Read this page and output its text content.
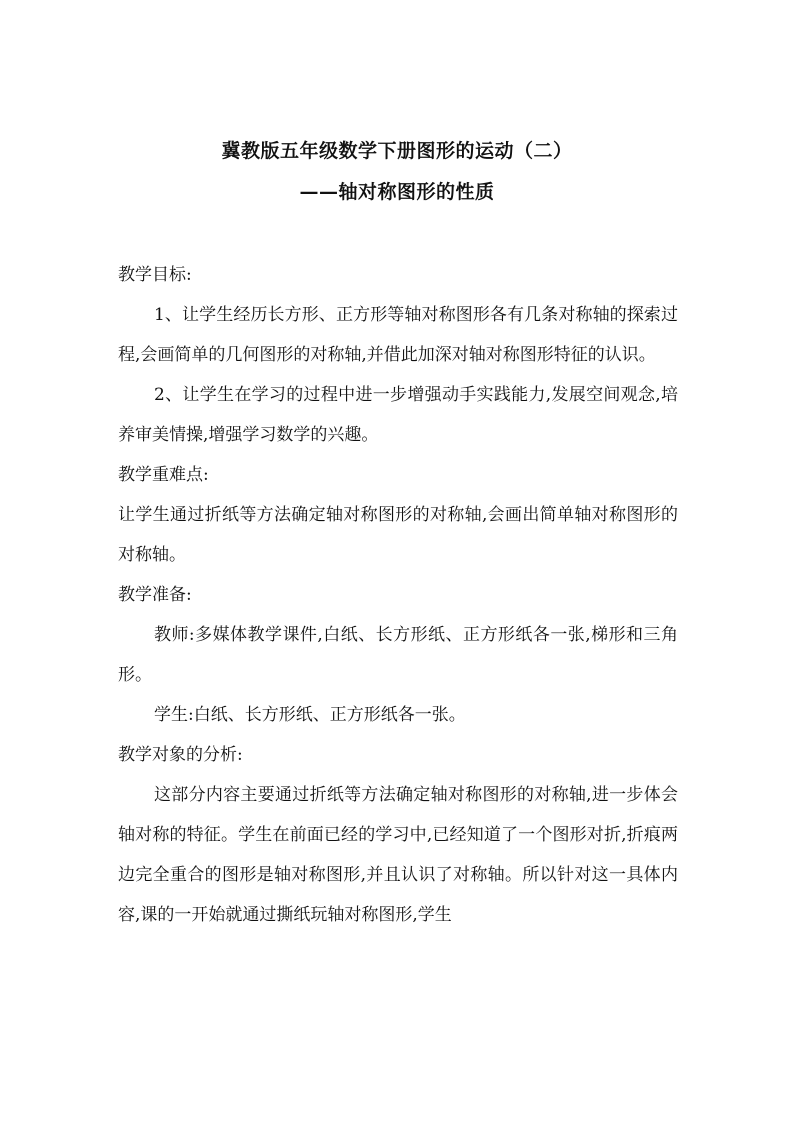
冀教版五年级数学下册图形的运动（二）
——轴对称图形的性质

教学目标:

1、让学生经历长方形、正方形等轴对称图形各有几条对称轴的探索过程,会画简单的几何图形的对称轴,并借此加深对轴对称图形特征的认识。

2、让学生在学习的过程中进一步增强动手实践能力,发展空间观念,培养审美情操,增强学习数学的兴趣。

教学重难点:

让学生通过折纸等方法确定轴对称图形的对称轴,会画出简单轴对称图形的对称轴。

教学准备:

教师:多媒体教学课件,白纸、长方形纸、正方形纸各一张,梯形和三角形。

学生:白纸、长方形纸、正方形纸各一张。

教学对象的分析:

这部分内容主要通过折纸等方法确定轴对称图形的对称轴,进一步体会轴对称的特征。学生在前面已经的学习中,已经知道了一个图形对折,折痕两边完全重合的图形是轴对称图形,并且认识了对称轴。所以针对这一具体内容,课的一开始就通过撕纸玩轴对称图形,学生
